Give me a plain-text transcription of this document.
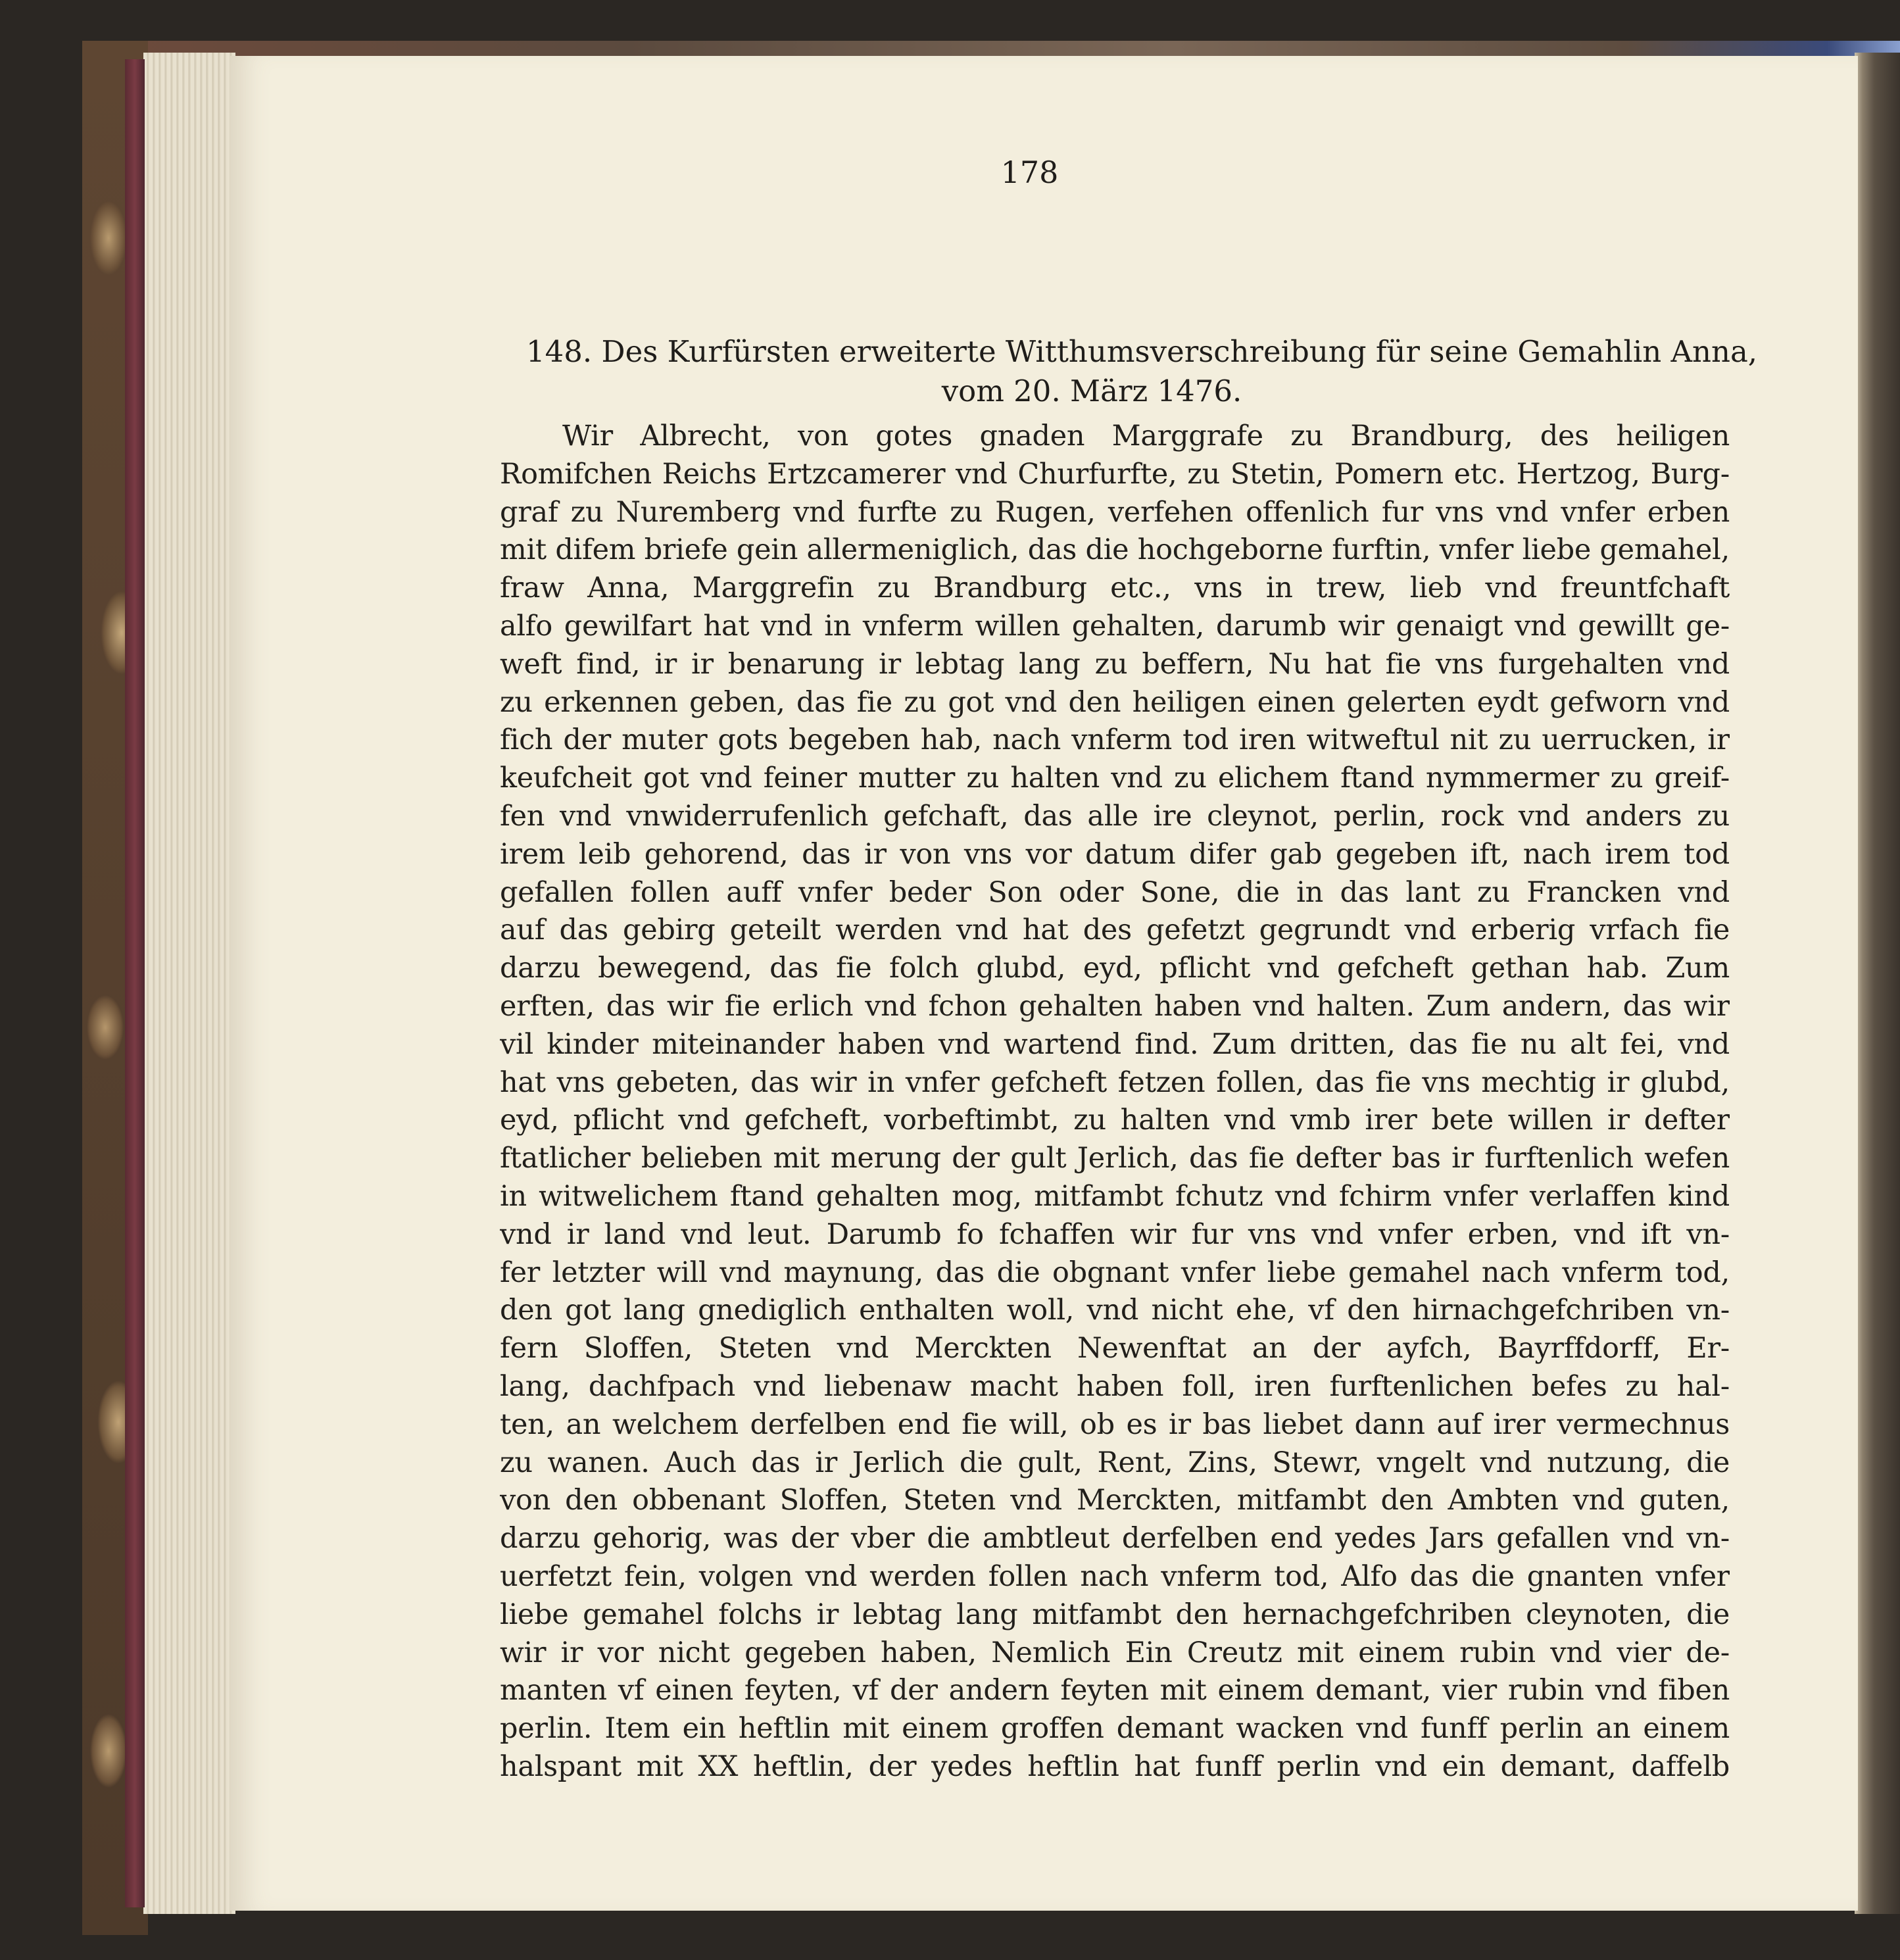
178
148. Des Kurfürsten erweiterte Witthumsverschreibung für seine Gemahlin Anna,
vom 20. März 1476.
Wir Albrecht, von gotes gnaden Marggrafe zu Brandburg, des heiligen
Romifchen Reichs Ertzcamerer vnd Churfurfte, zu Stetin, Pomern etc. Hertzog, Burg-
graf zu Nuremberg vnd furfte zu Rugen, verfehen offenlich fur vns vnd vnfer erben
mit difem briefe gein allermeniglich, das die hochgeborne furftin, vnfer liebe gemahel,
fraw Anna, Marggrefin zu Brandburg etc., vns in trew, lieb vnd freuntfchaft
alfo gewilfart hat vnd in vnferm willen gehalten, darumb wir genaigt vnd gewillt ge-
weft find, ir ir benarung ir lebtag lang zu beffern, Nu hat fie vns furgehalten vnd
zu erkennen geben, das fie zu got vnd den heiligen einen gelerten eydt gefworn vnd
fich der muter gots begeben hab, nach vnferm tod iren witweftul nit zu uerrucken, ir
keufcheit got vnd feiner mutter zu halten vnd zu elichem ftand nymmermer zu greif-
fen vnd vnwiderrufenlich gefchaft, das alle ire cleynot, perlin, rock vnd anders zu
irem leib gehorend, das ir von vns vor datum difer gab gegeben ift, nach irem tod
gefallen follen auff vnfer beder Son oder Sone, die in das lant zu Francken vnd
auf das gebirg geteilt werden vnd hat des gefetzt gegrundt vnd erberig vrfach fie
darzu bewegend, das fie folch glubd, eyd, pflicht vnd gefcheft gethan hab. Zum
erften, das wir fie erlich vnd fchon gehalten haben vnd halten. Zum andern, das wir
vil kinder miteinander haben vnd wartend find. Zum dritten, das fie nu alt fei, vnd
hat vns gebeten, das wir in vnfer gefcheft fetzen follen, das fie vns mechtig ir glubd,
eyd, pflicht vnd gefcheft, vorbeftimbt, zu halten vnd vmb irer bete willen ir defter
ftatlicher belieben mit merung der gult Jerlich, das fie defter bas ir furftenlich wefen
in witwelichem ftand gehalten mog, mitfambt fchutz vnd fchirm vnfer verlaffen kind
vnd ir land vnd leut. Darumb fo fchaffen wir fur vns vnd vnfer erben, vnd ift vn-
fer letzter will vnd maynung, das die obgnant vnfer liebe gemahel nach vnferm tod,
den got lang gnediglich enthalten woll, vnd nicht ehe, vf den hirnachgefchriben vn-
fern Sloffen, Steten vnd Merckten Newenftat an der ayfch, Bayrffdorff, Er-
lang, dachfpach vnd liebenaw macht haben foll, iren furftenlichen befes zu hal-
ten, an welchem derfelben end fie will, ob es ir bas liebet dann auf irer vermechnus
zu wanen. Auch das ir Jerlich die gult, Rent, Zins, Stewr, vngelt vnd nutzung, die
von den obbenant Sloffen, Steten vnd Merckten, mitfambt den Ambten vnd guten,
darzu gehorig, was der vber die ambtleut derfelben end yedes Jars gefallen vnd vn-
uerfetzt fein, volgen vnd werden follen nach vnferm tod, Alfo das die gnanten vnfer
liebe gemahel folchs ir lebtag lang mitfambt den hernachgefchriben cleynoten, die
wir ir vor nicht gegeben haben, Nemlich Ein Creutz mit einem rubin vnd vier de-
manten vf einen feyten, vf der andern feyten mit einem demant, vier rubin vnd fiben
perlin. Item ein heftlin mit einem groffen demant wacken vnd funff perlin an einem
halspant mit XX heftlin, der yedes heftlin hat funff perlin vnd ein demant, daffelb
